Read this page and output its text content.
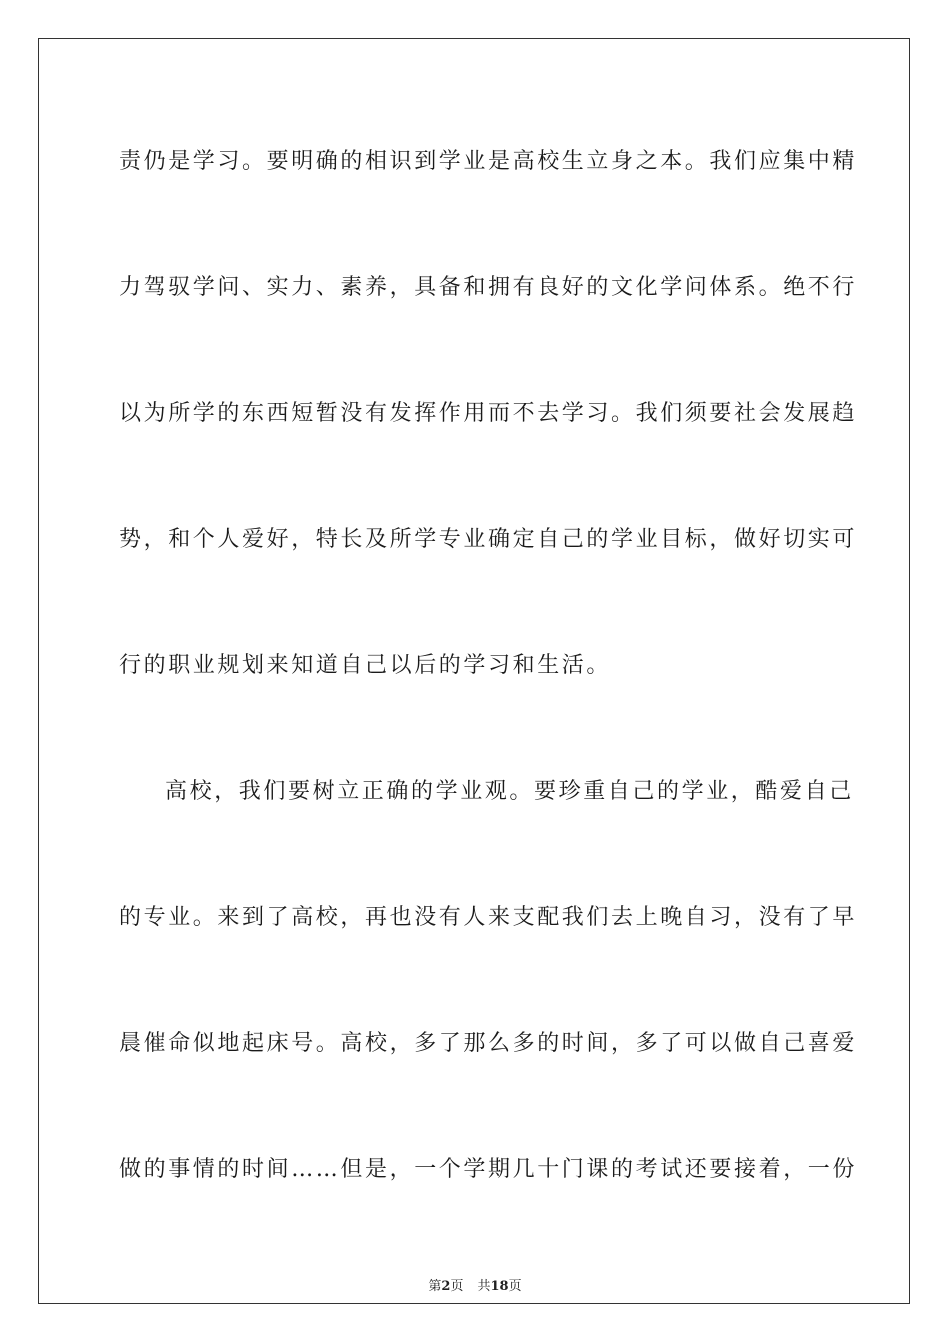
责仍是学习。要明确的相识到学业是高校生立身之本。我们应集中精
力驾驭学问、实力、素养，具备和拥有良好的文化学问体系。绝不行
以为所学的东西短暂没有发挥作用而不去学习。我们须要社会发展趋
势，和个人爱好，特长及所学专业确定自己的学业目标，做好切实可
行的职业规划来知道自己以后的学习和生活。
高校，我们要树立正确的学业观。要珍重自己的学业，酷爱自己
的专业。来到了高校，再也没有人来支配我们去上晚自习，没有了早
晨催命似地起床号。高校，多了那么多的时间，多了可以做自己喜爱
做的事情的时间……但是，一个学期几十门课的考试还要接着，一份
第2页 共18页
